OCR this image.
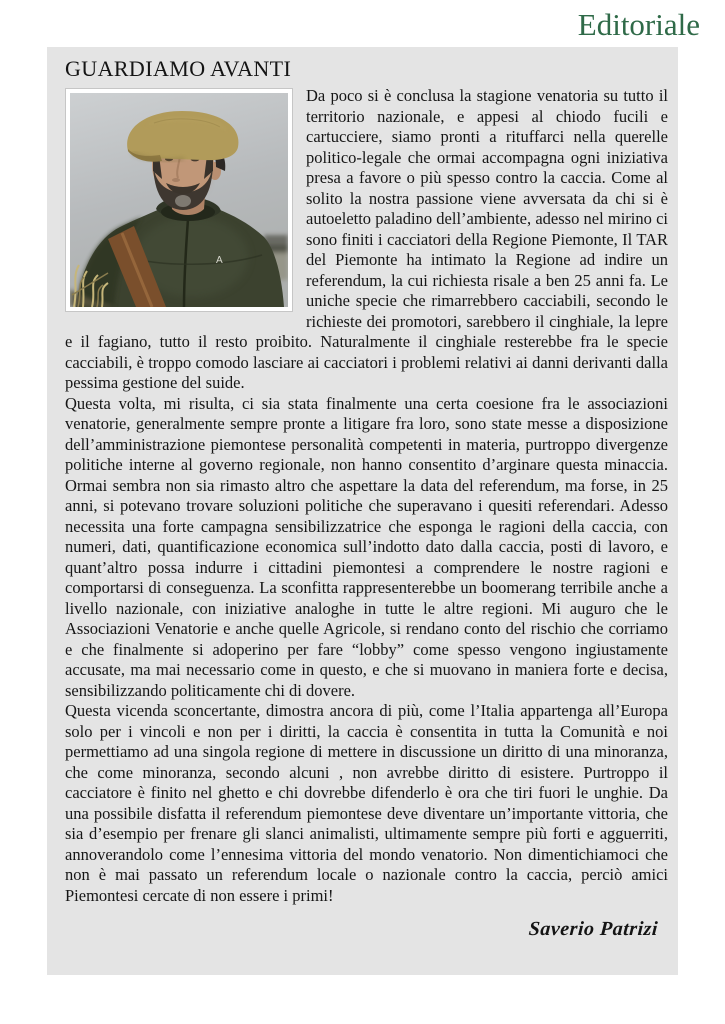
Editoriale
GUARDIAMO AVANTI
A

Da poco si è conclusa la stagione venatoria su tutto il territorio nazionale, e appesi al chiodo fucili e cartucciere, siamo pronti a rituffarci nella querelle politico-legale che ormai accompagna ogni iniziativa presa a favore o più spesso contro la caccia. Come al solito la nostra passione viene avversata da chi si è autoeletto paladino dell’ambiente, adesso nel mirino ci sono finiti i cacciatori della Regione Piemonte, Il TAR del Piemonte ha intimato la Regione ad indire un referendum, la cui richiesta risale a ben 25 anni fa. Le uniche specie che rimarrebbero cacciabili, secondo le richieste dei promotori, sarebbero il cinghiale, la lepre e il fagiano, tutto il resto proibito. Naturalmente il cinghiale resterebbe fra le specie cacciabili, è troppo comodo lasciare ai cacciatori i problemi relativi ai danni derivanti dalla pessima gestione del suide.

Questa volta, mi risulta, ci sia stata finalmente una certa coesione fra le associazioni venatorie, generalmente sempre pronte a litigare fra loro, sono state messe a disposizione dell’amministrazione piemontese personalità competenti in materia, purtroppo divergenze politiche interne al governo regionale, non hanno consentito d’arginare questa minaccia. Ormai sembra non sia rimasto altro che aspettare la data del referendum, ma forse, in 25 anni, si potevano trovare soluzioni politiche che superavano i quesiti referendari. Adesso necessita una forte campagna sensibilizzatrice che esponga le ragioni della caccia, con numeri, dati, quantificazione economica sull’indotto dato dalla caccia, posti di lavoro, e quant’altro possa indurre i cittadini piemontesi a comprendere le nostre ragioni e comportarsi di conseguenza. La sconfitta rappresenterebbe un boomerang terribile anche a livello nazionale, con iniziative analoghe in tutte le altre regioni. Mi auguro che le Associazioni Venatorie e anche quelle Agricole, si rendano conto del rischio che corriamo e che finalmente si adoperino per fare “lobby” come spesso vengono ingiustamente accusate, ma mai necessario come in questo, e che si muovano in maniera forte e decisa, sensibilizzando politicamente chi di dovere.

Questa vicenda sconcertante, dimostra ancora di più, come l’Italia appartenga all’Europa solo per i vincoli e non per i diritti, la caccia è consentita in tutta la Comunità e noi permettiamo ad una singola regione di mettere in discussione un diritto di una minoranza, che come minoranza, secondo alcuni , non avrebbe diritto di esistere. Purtroppo il cacciatore è finito nel ghetto e chi dovrebbe difenderlo è ora che tiri fuori le unghie. Da una possibile disfatta il referendum piemontese deve diventare un’importante vittoria, che sia d’esempio per frenare gli slanci animalisti, ultimamente sempre più forti e agguerriti, annoverandolo come l’ennesima vittoria del mondo venatorio. Non dimentichiamoci che non è mai passato un referendum locale o nazionale contro la caccia, perciò amici Piemontesi cercate di non essere i primi!

Saverio Patrizi
